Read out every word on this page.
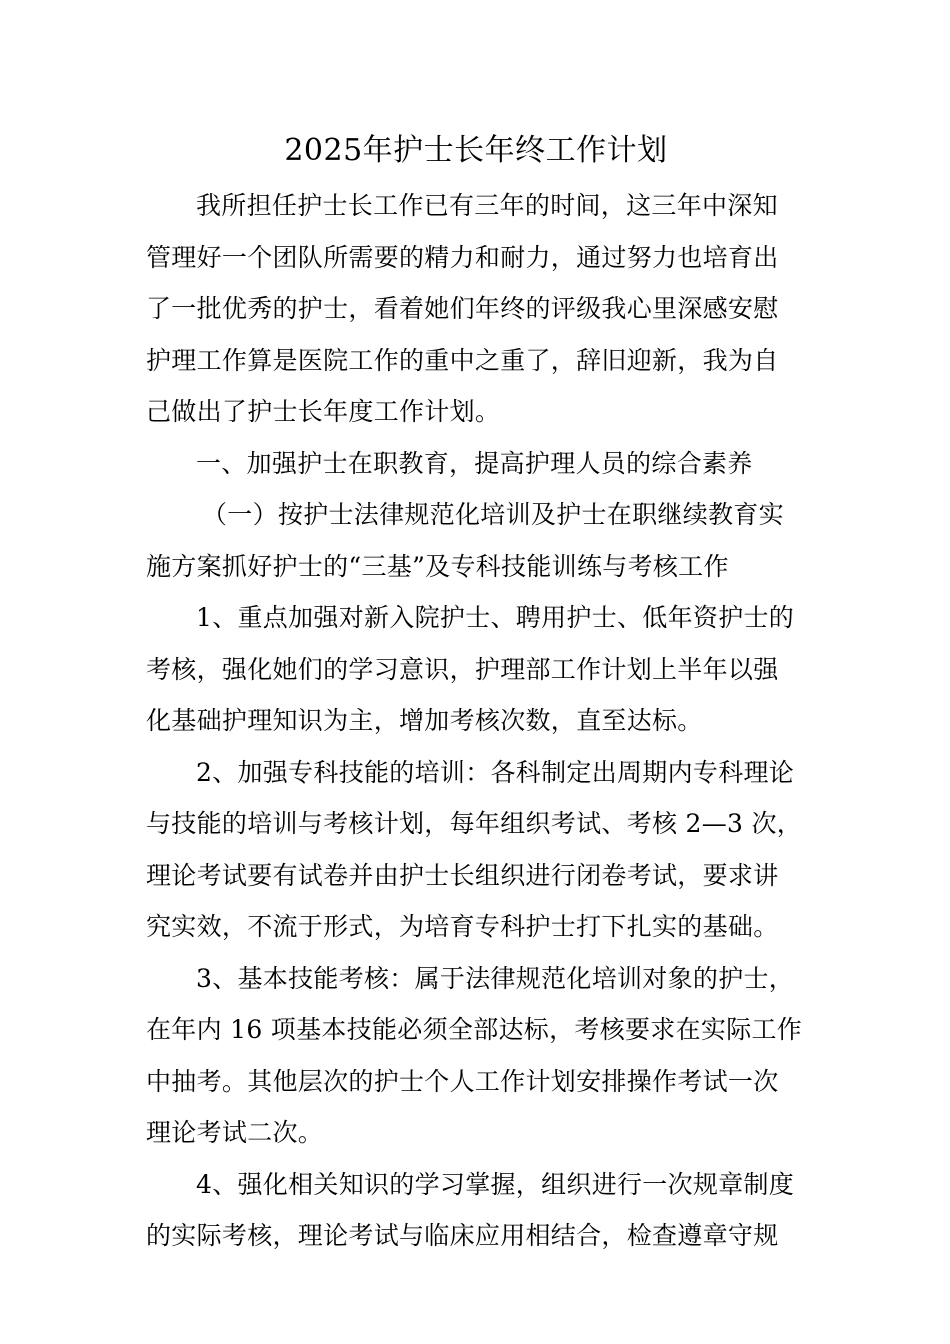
2025年护士长年终工作计划

我所担任护士长工作已有三年的时间，这三年中深知
管理好一个团队所需要的精力和耐力，通过努力也培育出
了一批优秀的护士，看着她们年终的评级我心里深感安慰
护理工作算是医院工作的重中之重了，辞旧迎新，我为自
己做出了护士长年度工作计划。

一、加强护士在职教育，提高护理人员的综合素养

（一）按护士法律规范化培训及护士在职继续教育实
施方案抓好护士的“三基”及专科技能训练与考核工作

1、重点加强对新入院护士、聘用护士、低年资护士的
考核，强化她们的学习意识，护理部工作计划上半年以强
化基础护理知识为主，增加考核次数，直至达标。

2、加强专科技能的培训：各科制定出周期内专科理论
与技能的培训与考核计划，每年组织考试、考核 2—3 次，
理论考试要有试卷并由护士长组织进行闭卷考试，要求讲
究实效，不流于形式，为培育专科护士打下扎实的基础。

3、基本技能考核：属于法律规范化培训对象的护士，
在年内 16 项基本技能必须全部达标，考核要求在实际工作
中抽考。其他层次的护士个人工作计划安排操作考试一次
理论考试二次。

4、强化相关知识的学习掌握，组织进行一次规章制度
的实际考核，理论考试与临床应用相结合，检查遵章守规
